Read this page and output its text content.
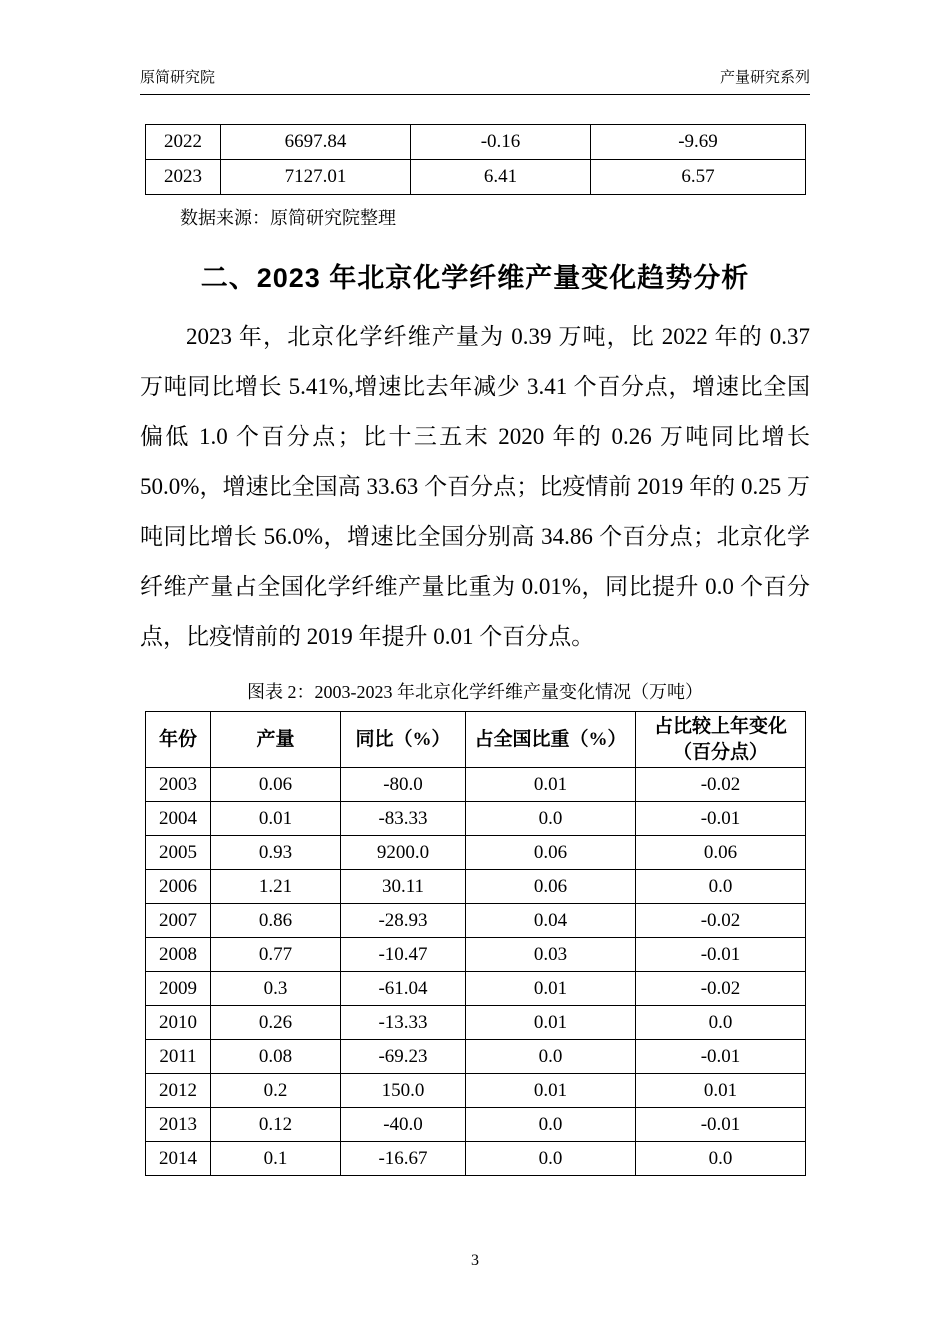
原简研究院	产量研究系列
2022	6697.84	-0.16	-9.69
2023	7127.01	6.41	6.57

数据来源：原简研究院整理

二、2023 年北京化学纤维产量变化趋势分析

2023 年，北京化学纤维产量为 0.39 万吨，比 2022 年的 0.37 万吨同比增长 5.41%,增速比去年减少 3.41 个百分点，增速比全国偏低 1.0 个百分点；比十三五末 2020 年的 0.26 万吨同比增长 50.0%，增速比全国高 33.63 个百分点；比疫情前 2019 年的 0.25 万吨同比增长 56.0%，增速比全国分别高 34.86 个百分点；北京化学纤维产量占全国化学纤维产量比重为 0.01%，同比提升 0.0 个百分点，比疫情前的 2019 年提升 0.01 个百分点。

图表 2：2003-2023 年北京化学纤维产量变化情况（万吨）

年份	产量	同比（%）	占全国比重（%）	占比较上年变化（百分点）
2003	0.06	-80.0	0.01	-0.02
2004	0.01	-83.33	0.0	-0.01
2005	0.93	9200.0	0.06	0.06
2006	1.21	30.11	0.06	0.0
2007	0.86	-28.93	0.04	-0.02
2008	0.77	-10.47	0.03	-0.01
2009	0.3	-61.04	0.01	-0.02
2010	0.26	-13.33	0.01	0.0
2011	0.08	-69.23	0.0	-0.01
2012	0.2	150.0	0.01	0.01
2013	0.12	-40.0	0.0	-0.01
2014	0.1	-16.67	0.0	0.0
3
